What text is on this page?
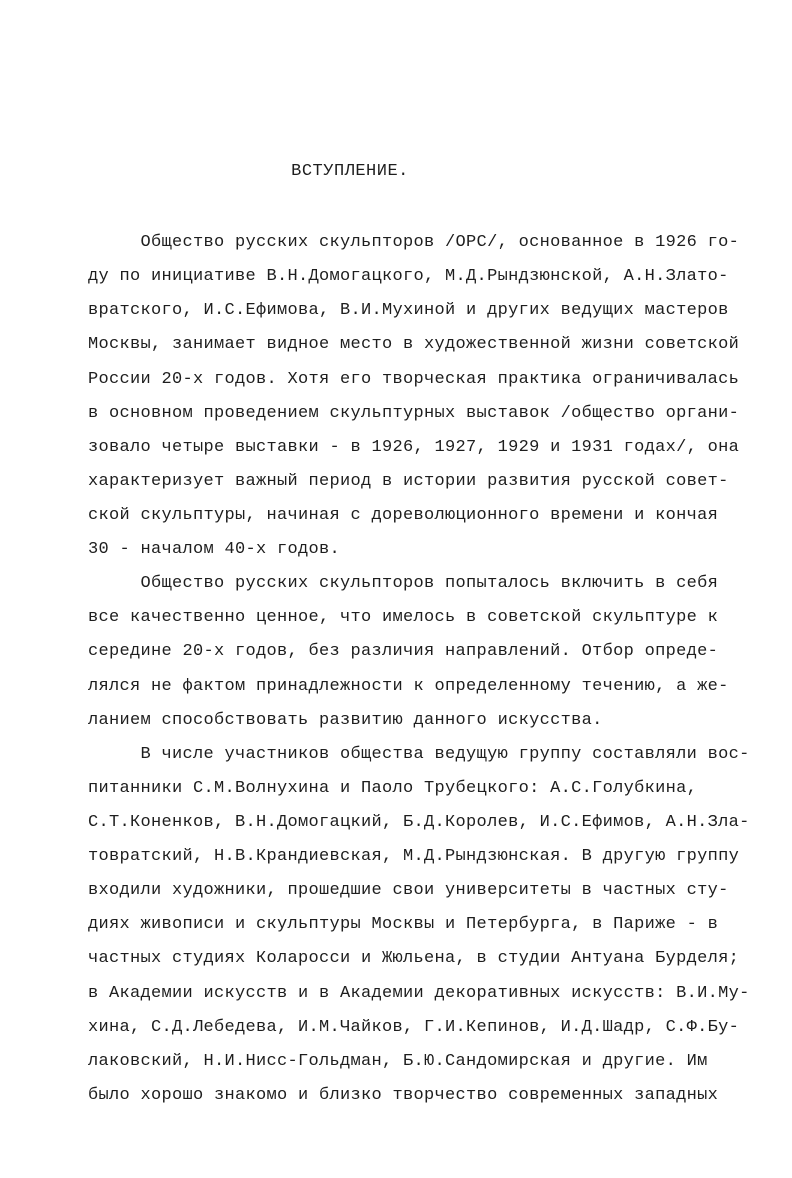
ВСТУПЛЕНИЕ.
Общество русских скульпторов /ОРС/, основанное в 1926 го-
ду по инициативе В.Н.Домогацкого, М.Д.Рындзюнской, А.Н.Злато-
вратского, И.С.Ефимова, В.И.Мухиной и других ведущих мастеров
Москвы, занимает видное место в художественной жизни советской
России 20-х годов. Хотя его творческая практика ограничивалась
в основном проведением скульптурных выставок /общество органи-
зовало четыре выставки - в 1926, 1927, 1929 и 1931 годах/, она
характеризует важный период в истории развития русской совет-
ской скульптуры, начиная с дореволюционного времени и кончая
30 - началом 40-х годов.
Общество русских скульпторов попыталось включить в себя
все качественно ценное, что имелось в советской скульптуре к
середине 20-х годов, без различия направлений. Отбор опреде-
лялся не фактом принадлежности к определенному течению, а же-
ланием способствовать развитию данного искусства.
В числе участников общества ведущую группу составляли вос-
питанники С.М.Волнухина и Паоло Трубецкого: А.С.Голубкина,
С.Т.Коненков, В.Н.Домогацкий, Б.Д.Королев, И.С.Ефимов, А.Н.Зла-
товратский, Н.В.Крандиевская, М.Д.Рындзюнская. В другую группу
входили художники, прошедшие свои университеты в частных сту-
диях живописи и скульптуры Москвы и Петербурга, в Париже - в
частных студиях Коларосси и Жюльена, в студии Антуана Бурделя;
в Академии искусств и в Академии декоративных искусств: В.И.Му-
хина, С.Д.Лебедева, И.М.Чайков, Г.И.Кепинов, И.Д.Шадр, С.Ф.Бу-
лаковский, Н.И.Нисс-Гольдман, Б.Ю.Сандомирская и другие. Им
было хорошо знакомо и близко творчество современных западных
